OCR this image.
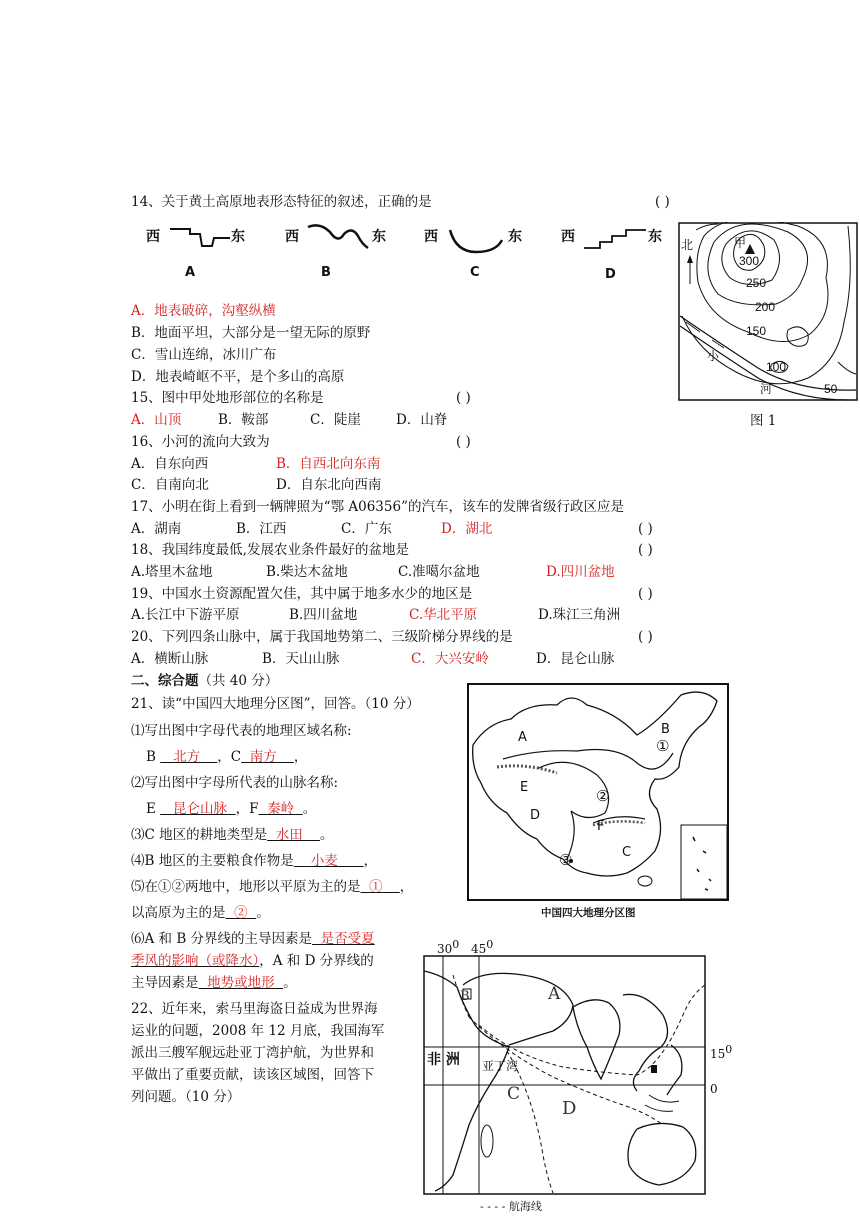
14、关于黄土高原地表形态特征的叙述，正确的是	( )
西	东
A
西	东
B
西	东
C
西	东
D
A．地表破碎，沟壑纵横
B．地面平坦，大部分是一望无际的原野
C．雪山连绵，冰川广布
D．地表崎岖不平，是个多山的高原
北	甲
300
250
200
150
100
50
小
河
图 1
15、图中甲处地形部位的名称是	( )
A．山顶	B．鞍部	C．陡崖	D．山脊
16、小河的流向大致为	( )
A．自东向西	B．自西北向东南
C．自南向北	D．自东北向西南
17、小明在街上看到一辆牌照为“鄂 A06356”的汽车，该车的发牌省级行政区应是
A．湖南	B．江西	C．广东	D．湖北	( )
18、我国纬度最低,发展农业条件最好的盆地是	( )
A.塔里木盆地	B.柴达木盆地	C.准噶尔盆地	D.四川盆地
19、中国水土资源配置欠佳，其中属于地多水少的地区是	( )
A.长江中下游平原	B.四川盆地	C.华北平原	D.珠江三角洲
20、下列四条山脉中，属于我国地势第二、三级阶梯分界线的是	( )
A．横断山脉	B．天山山脉	C．大兴安岭	D．昆仑山脉
二、综合题（共 40 分）
21、读“中国四大地理分区图”，回答。（10 分）
⑴写出图中字母代表的地理区域名称:
B 北方 ，C 南方 ，
⑵写出图中字母所代表的山脉名称:
E 昆仑山脉 ，F 秦岭 。
⑶C 地区的耕地类型是 水田 。
⑷B 地区的主要粮食作物是 小麦 ，
⑸在①②两地中，地形以平原为主的是 ① ，
以高原为主的是 ② 。
⑹A 和 B 分界线的主导因素是 是否受夏
季风的影响（或降水），A 和 D 分界线的
主导因素是 地势或地形 。
A
B
①
E	②
D
F
C
③
中国四大地理分区图
22、近年来，索马里海盗日益成为世界海
运业的问题，2008 年 12 月底，我国海军
派出三艘军舰远赴亚丁湾护航，为世界和
平做出了重要贡献，读该区域图，回答下
列问题。（10 分）
$30^0$ $45^0$
A
B
C
D
非 洲 亚丁湾
$15^0$
0
- - - - 航海线
